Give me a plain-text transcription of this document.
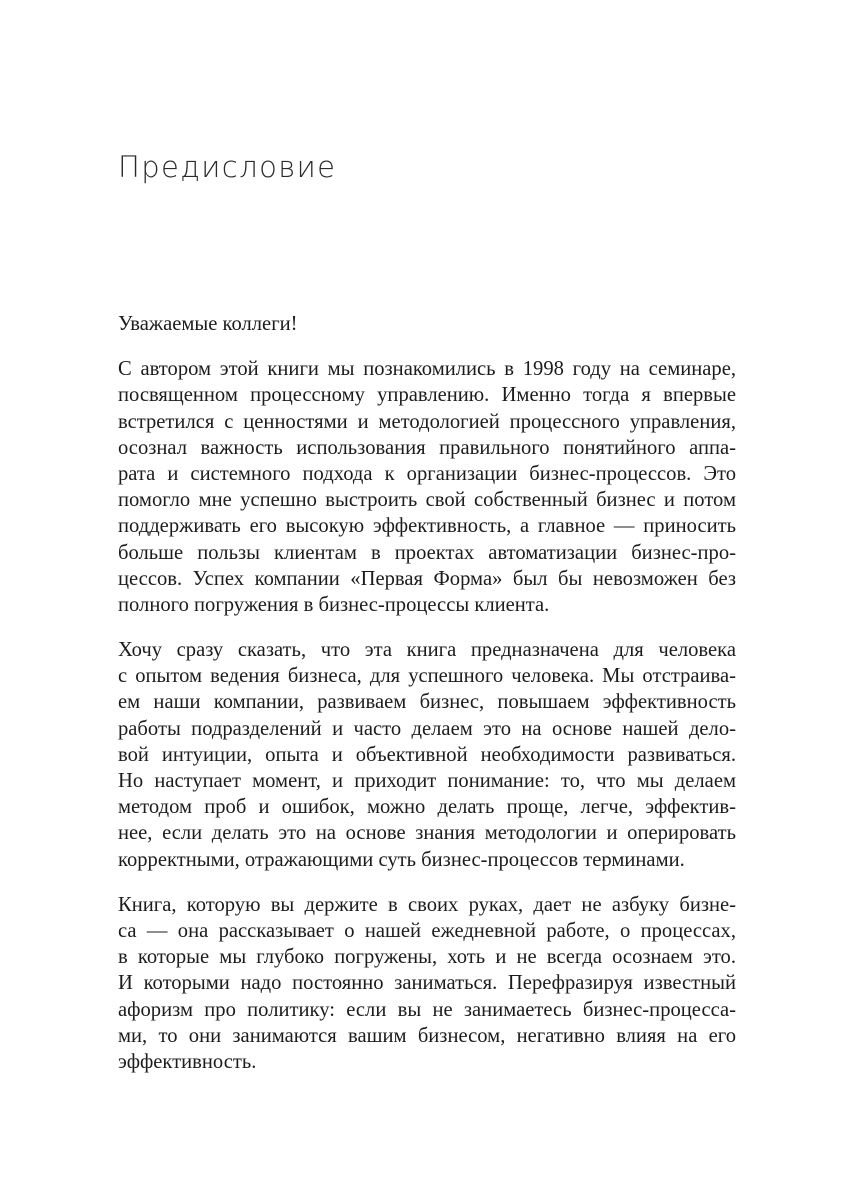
Предисловие
Уважаемые коллеги!
С автором этой книги мы познакомились в 1998 году на семинаре,
посвященном процессному управлению. Именно тогда я впервые
встретился с ценностями и методологией процессного управления,
осознал важность использования правильного понятийного аппа-
рата и системного подхода к организации бизнес-процессов. Это
помогло мне успешно выстроить свой собственный бизнес и потом
поддерживать его высокую эффективность, а главное — приносить
больше пользы клиентам в проектах автоматизации бизнес-про-
цессов. Успех компании «Первая Форма» был бы невозможен без
полного погружения в бизнес-процессы клиента.
Хочу сразу сказать, что эта книга предназначена для человека
с опытом ведения бизнеса, для успешного человека. Мы отстраива-
ем наши компании, развиваем бизнес, повышаем эффективность
работы подразделений и часто делаем это на основе нашей дело-
вой интуиции, опыта и объективной необходимости развиваться.
Но наступает момент, и приходит понимание: то, что мы делаем
методом проб и ошибок, можно делать проще, легче, эффектив-
нее, если делать это на основе знания методологии и оперировать
корректными, отражающими суть бизнес-процессов терминами.
Книга, которую вы держите в своих руках, дает не азбуку бизне-
са — она рассказывает о нашей ежедневной работе, о процессах,
в которые мы глубоко погружены, хоть и не всегда осознаем это.
И которыми надо постоянно заниматься. Перефразируя известный
афоризм про политику: если вы не занимаетесь бизнес-процесса-
ми, то они занимаются вашим бизнесом, негативно влияя на его
эффективность.
